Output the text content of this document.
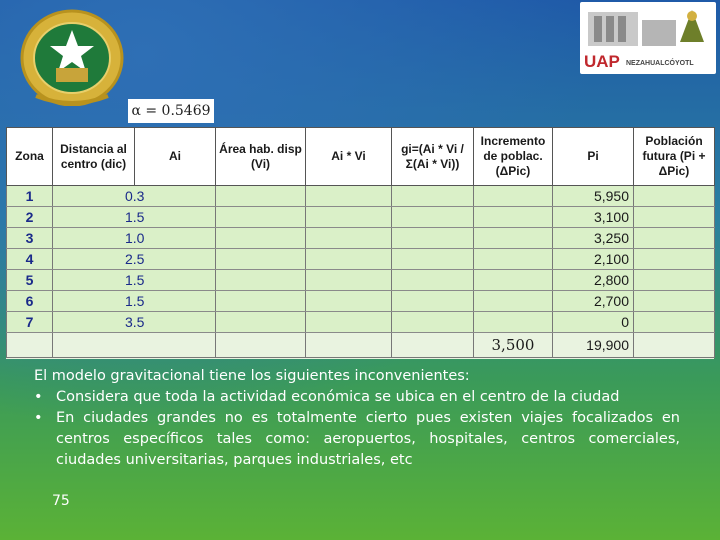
UAP NEZAHUALCÓYOTL
α = 0.5469
Zona	Distancia al centro (dic)	Ai	Área hab. disp (Vi)	Ai * Vi	gi=(Ai * Vi / Σ(Ai * Vi))	Incremento de poblac. (ΔPic)	Pi	Población futura (Pi + ΔPic)
1	0.3						5,950	
2	1.5						3,100	
3	1.0						3,250	
4	2.5						2,100	
5	1.5						2,800	
6	1.5						2,700	
7	3.5						0	
						3,500	19,900	

El modelo gravitacional tiene los siguientes inconvenientes:

• Considera que toda la actividad económica se ubica en el centro de la ciudad
• En ciudades grandes no es totalmente cierto pues existen viajes focalizados en centros específicos tales como: aeropuertos, hospitales, centros comerciales, ciudades universitarias, parques industriales, etc
75
